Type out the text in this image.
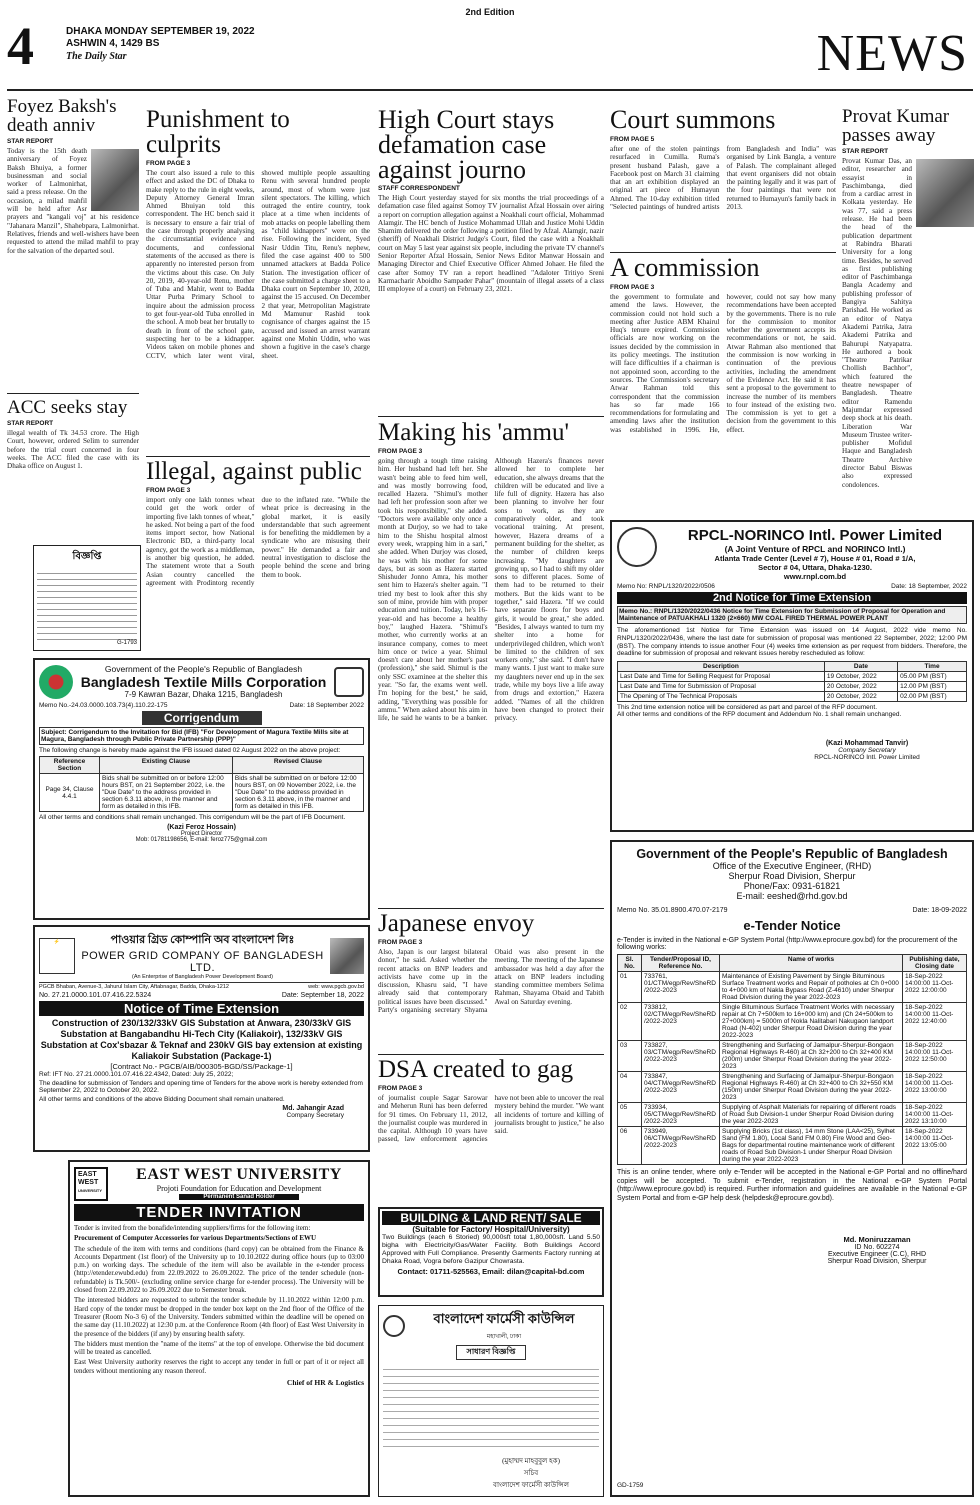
2nd Edition
4	DHAKA MONDAY SEPTEMBER 19, 2022
ASHWIN 4, 1429 BS
The Daily Star	NEWS
Foyez Baksh's death anniv
STAR REPORT
Today is the 15th death anniversary of Foyez Baksh Bhuiya, a former businessman and social worker of Lalmonirhat, said a press release. On the occasion, a milad mahfil will be held after Asr prayers and "kangali voj" at his residence "Jahanara Manzil", Shahebpara, Lalmonirhat. Relatives, friends and well-wishers have been requested to attend the milad mahfil to pray for the salvation of the departed soul.
ACC seeks stay
STAR REPORT
illegal wealth of Tk 34.53 crore. The High Court, however, ordered Selim to surrender before the trial court concerned in four weeks. The ACC filed the case with its Dhaka office on August 1.
বিজ্ঞপ্তি
G-1793
Punishment to culprits
FROM PAGE 3
The court also issued a rule to this effect and asked the DC of Dhaka to make reply to the rule in eight weeks, Deputy Attorney General Imran Ahmed Bhuiyan told this correspondent. The HC bench said it is necessary to ensure a fair trial of the case through properly analysing the circumstantial evidence and documents, and confessional statements of the accused as there is apparently no interested person from the victims about this case. On July 20, 2019, 40-year-old Renu, mother of Tuba and Mahir, went to Badda Uttar Purba Primary School to inquire about the admission process to get four-year-old Tuba enrolled in the school. A mob beat her brutally to death in front of the school gate, suspecting her to be a kidnapper. Videos taken on mobile phones and CCTV, which later went viral, showed multiple people assaulting Renu with several hundred people around, most of whom were just silent spectators. The killing, which outraged the entire country, took place at a time when incidents of mob attacks on people labelling them as "child kidnappers" were on the rise. Following the incident, Syed Nasir Uddin Titu, Renu's nephew, filed the case against 400 to 500 unnamed attackers at Badda Police Station. The investigation officer of the case submitted a charge sheet to a Dhaka court on September 10, 2020, against the 15 accused. On December 2 that year, Metropolitan Magistrate Md Mamunur Rashid took cognisance of charges against the 15 accused and issued an arrest warrant against one Mohin Uddin, who was shown a fugitive in the case's charge sheet.
Illegal, against public
FROM PAGE 3
import only one lakh tonnes wheat could get the work order of importing five lakh tonnes of wheat," he asked. Not being a part of the food items import sector, how National Electronic BD, a third-party local agency, got the work as a middleman, is another big question, he added. The statement wrote that a South Asian country cancelled the agreement with Prodintorg recently due to the inflated rate. "While the wheat price is decreasing in the global market, it is easily understandable that such agreement is for benefiting the middlemen by a syndicate who are misusing their power." He demanded a fair and neutral investigation to disclose the people behind the scene and bring them to book.
High Court stays defamation case against journo
STAFF CORRESPONDENT
The High Court yesterday stayed for six months the trial proceedings of a defamation case filed against Somoy TV journalist Afzal Hossain over airing a report on corruption allegation against a Noakhali court official, Mohammad Alamgir. The HC bench of Justice Mohammad Ullah and Justice Mohi Uddin Shamim delivered the order following a petition filed by Afzal. Alamgir, nazir (sheriff) of Noakhali District Judge's Court, filed the case with a Noakhali court on May 5 last year against six people, including the private TV channel's Senior Reporter Afzal Hossain, Senior News Editor Manwar Hossain and Managing Director and Chief Executive Officer Ahmed Johaer. He filed the case after Somoy TV ran a report headlined "Adaloter Tritiyo Sreni Karmacharir Aboidho Sampader Pahar" (mountain of illegal assets of a class III employee of a court) on February 23, 2021.
Making his 'ammu'
FROM PAGE 3
going through a tough time raising him. Her husband had left her. She wasn't being able to feed him well, and was mostly borrowing food, recalled Hazera. "Shimul's mother had left her profession soon after we took his responsibility," she added. "Doctors were available only once a month at Durjoy, so we had to take him to the Shishu hospital almost every week, wrapping him in a sari," she added. When Durjoy was closed, he was with his mother for some days, but as soon as Hazera started Shishuder Jonno Amra, his mother sent him to Hazera's shelter again. "I tried my best to look after this shy son of mine, provide him with proper education and tuition. Today, he's 16-year-old and has become a healthy boy," laughed Hazera. "Shimul's mother, who currently works at an insurance company, comes to meet him once or twice a year. Shimul doesn't care about her mother's past (profession)," she said. Shimul is the only SSC examinee at the shelter this year. "So far, the exams went well. I'm hoping for the best," he said, adding, "Everything was possible for ammu." When asked about his aim in life, he said he wants to be a banker. Although Hazera's finances never allowed her to complete her education, she always dreams that the children will be educated and live a life full of dignity. Hazera has also been planning to involve her four sons to work, as they are comparatively older, and took vocational training. At present, however, Hazera dreams of a permanent building for the shelter, as the number of children keeps increasing. "My daughters are growing up, so I had to shift my older sons to different places. Some of them had to be returned to their mothers. But the kids want to be together," said Hazera. "If we could have separate floors for boys and girls, it would be great," she added. "Besides, I always wanted to turn my shelter into a home for underprivileged children, which won't be limited to the children of sex workers only," she said. "I don't have many wants. I just want to make sure my daughters never end up in the sex trade, while my boys live a life away from drugs and extortion," Hazera added. "Names of all the children have been changed to protect their privacy.
Japanese envoy
FROM PAGE 3
Also, Japan is our largest bilateral donor," he said. Asked whether the recent attacks on BNP leaders and activists have come up in the discussion, Khasru said, "I have already said that contemporary political issues have been discussed." Party's organising secretary Shyama Obaid was also present in the meeting. The meeting of the Japanese ambassador was held a day after the attack on BNP leaders including standing committee members Selima Rahman, Shayama Obaid and Tabith Awal on Saturday evening.
DSA created to gag
FROM PAGE 3
of journalist couple Sagar Sarowar and Meherun Runi has been deferred for 91 times. On February 11, 2012, the journalist couple was murdered in the capital. Although 10 years have passed, law enforcement agencies have not been able to uncover the real mystery behind the murder. "We want all incidents of torture and killing of journalists brought to justice," he also said.
Court summons
FROM PAGE 5
after one of the stolen paintings resurfaced in Cumilla. Ruma's present husband Palash, gave a Facebook post on March 31 claiming that an art exhibition displayed an original art piece of Humayun Ahmed. The 10-day exhibition titled "Selected paintings of hundred artists from Bangladesh and India" was organised by Link Bangla, a venture of Palash. The complainant alleged that event organisers did not obtain the painting legally and it was part of the four paintings that were not returned to Humayun's family back in 2013.
A commission
FROM PAGE 3
the government to formulate and amend the laws. However, the commission could not hold such a meeting after Justice ABM Khairul Huq's tenure expired. Commission officials are now working on the issues decided by the commission in its policy meetings. The institution will face difficulties if a chairman is not appointed soon, according to the sources. The Commission's secretary Atwar Rahman told this correspondent that the commission has so far made 166 recommendations for formulating and amending laws after the institution was established in 1996. He, however, could not say how many recommendations have been accepted by the governments. There is no rule for the commission to monitor whether the government accepts its recommendations or not, he said. Atwar Rahman also mentioned that the commission is now working in continuation of the previous activities, including the amendment of the Evidence Act. He said it has sent a proposal to the government to increase the number of its members to four instead of the existing two. The commission is yet to get a decision from the government to this effect.
Provat Kumar passes away
STAR REPORT
Provat Kumar Das, an editor, researcher and essayist in Paschimbanga, died from a cardiac arrest in Kolkata yesterday. He was 77, said a press release. He had been the head of the publication department at Rabindra Bharati University for a long time. Besides, he served as first publishing editor of Paschimbanga Bangla Academy and publishing professor of Bangiya Sahitya Parishad. He worked as an editor of Natya Akademi Patrika, Jatra Akademi Patrika and Bahurupi Natyapatra. He authored a book "Theatre Patrikar Chollish Bachhor", which featured the theatre newspaper of Bangladesh. Theatre editor Ramendu Majumdar expressed deep shock at his death. Liberation War Museum Trustee writer-publisher Mofidul Haque and Bangladesh Theatre Archive director Babul Biswas also expressed condolences.
Government of the People's Republic of Bangladesh
Bangladesh Textile Mills Corporation
7-9 Kawran Bazar, Dhaka 1215, Bangladesh
Memo No.-24.03.0000.103.73(4).110.22-175	Date: 18 September 2022
Corrigendum
Subject: Corrigendum to the Invitation for Bid (IFB) "For Development of Magura Textile Mills site at Magura, Bangladesh through Public Private Partnership (PPP)"
The following change is hereby made against the IFB issued dated 02 August 2022 on the above project:
Reference Section	Existing Clause	Revised Clause
Page 34, Clause 4.4.1	Bids shall be submitted on or before 12:00 hours BST, on 21 September 2022, i.e. the "Due Date" to the address provided in section 6.3.11 above, in the manner and form as detailed in this IFB.	Bids shall be submitted on or before 12:00 hours BST, on 09 November 2022, i.e. the "Due Date" to the address provided in section 6.3.11 above, in the manner and form as detailed in this IFB.
All other terms and conditions shall remain unchanged. This corrigendum will be the part of IFB Document.
(Kazi Feroz Hossain)
Project Director
Mob: 01781198656, E-mail: feroz775@gmail.com
⚡	পাওয়ার গ্রিড কোম্পানি অব বাংলাদেশ লিঃ
POWER GRID COMPANY OF BANGLADESH LTD.
(An Enterprise of Bangladesh Power Development Board)
PGCB Bhaban, Avenue-3, Jahurul Islam City, Aftabnagar, Badda, Dhaka-1212	web: www.pgcb.gov.bd
No. 27.21.0000.101.07.416.22.5324	Date: September 18, 2022
Notice of Time Extension
Construction of 230/132/33kV GIS Substation at Anwara, 230/33kV GIS Substation at Bangabandhu Hi-Tech City (Kaliakoir), 132/33kV GIS Substation at Cox'sbazar & Teknaf and 230kV GIS bay extension at existing Kaliakoir Substation (Package-1)
[Contract No.- PGCB/AIB/000305-BGD/SS/Package-1]
Ref: IFT No. 27.21.0000.101.07.416.22.4342, Dated: July 25, 2022;
The deadline for submission of Tenders and opening time of Tenders for the above work is hereby extended from September 22, 2022 to October 20, 2022.
All other terms and conditions of the above Bidding Document shall remain unaltered.
Md. Jahangir Azad
Company Secretary
EAST WEST
UNIVERSITY
EAST WEST UNIVERSITY
Projoti Foundation for Education and Development
Permanent Sanad Holder
TENDER INVITATION
Tender is invited from the bonafide/intending suppliers/firms for the following item:
Procurement of Computer Accessories for various Departments/Sections of EWU
The schedule of the item with terms and conditions (hard copy) can be obtained from the Finance & Accounts Department (1st floor) of the University up to 10.10.2022 during office hours (up to 03:00 p.m.) on working days. The schedule of the item will also be available in the e-tender process (http://etender.ewubd.edu) from 22.09.2022 to 26.09.2022. The price of the tender schedule (non-refundable) is Tk.500/- (excluding online service charge for e-tender process). The University will be closed from 22.09.2022 to 26.09.2022 due to Semester break.
The interested bidders are requested to submit the tender schedule by 11.10.2022 within 12:00 p.m. Hard copy of the tender must be dropped in the tender box kept on the 2nd floor of the Office of the Treasurer (Room No-3 6) of the University. Tenders submitted within the deadline will be opened on the same day (11.10.2022) at 12:30 p.m. at the Conference Room (4th floor) of East West University in the presence of the bidders (if any) by ensuring health safety.
The bidders must mention the "name of the items" at the top of envelope. Otherwise the bid document will be treated as cancelled.
East West University authority reserves the right to accept any tender in full or part of it or reject all tenders without mentioning any reason thereof.
Chief of HR & Logistics
BUILDING & LAND RENT/ SALE
(Suitable for Factory/ Hospital/University)
Two Buildings (each 6 Storied) 90,000sft total 1,80,000sft. Land 5.50 bigha with Electricity/Gas/Water Facility. Both Buildings Accord Approved with Full Compliance. Presently Garments Factory running at Dhaka Road, Vogra before Gazipur Chowrasta.
Contact: 01711-525563, Email: dilan@capital-bd.com
বাংলাদেশ ফার্মেসী কাউন্সিল
মহাখালী, ঢাকা
সাধারণ বিজ্ঞপ্তি
(মুহাম্মদ মাহবুবুল হক)
সচিব
বাংলাদেশ ফার্মেসী কাউন্সিল
RPCL-NORINCO Intl. Power Limited
(A Joint Venture of RPCL and NORINCO Intl.)
Atlanta Trade Center (Level # 7), House # 01, Road # 1/A,
Sector # 04, Uttara, Dhaka-1230.
www.rnpl.com.bd
Memo No: RNPL/1320/2022/0506	Date: 18 September, 2022
2nd Notice for Time Extension
Memo No.: RNPL/1320/2022/0436 Notice for Time Extension for Submission of Proposal for Operation and Maintenance of PATUAKHALI 1320 (2×660) MW COAL FIRED THERMAL POWER PLANT
The aforementioned 1st Notice for Time Extension was issued on 14 August, 2022 vide memo No. RNPL/1320/2022/0436, where the last date for submission of proposal was mentioned 22 September, 2022; 12:00 PM (BST). The company intends to issue another Four (4) weeks time extension as per request from bidders. Therefore, the deadline for submission of proposal and relevant issues hereby rescheduled as follow:
Description	Date	Time
Last Date and Time for Selling Request for Proposal	19 October, 2022	05.00 PM (BST)
Last Date and Time for Submission of Proposal	20 October, 2022	12.00 PM (BST)
The Opening of The Technical Proposals	20 October, 2022	02.00 PM (BST)
This 2nd time extension notice will be considered as part and parcel of the RFP document.
All other terms and conditions of the RFP document and Addendum No. 1 shall remain unchanged.
(Kazi Mohammad Tanvir)
Company Secretary
RPCL-NORINCO Intl. Power Limited
Government of the People's Republic of Bangladesh
Office of the Executive Engineer, (RHD)
Sherpur Road Division, Sherpur
Phone/Fax: 0931-61821
E-mail: eeshed@rhd.gov.bd
Memo No. 35.01.8900.470.07-2179	Date: 18-09-2022
e-Tender Notice
e-Tender is invited in the National e-GP System Portal (http://www.eprocure.gov.bd) for the procurement of the following works:
Sl. No.	Tender/Proposal ID, Reference No.	Name of works	Publishing date, Closing date
01	733761, 01/CTM/egp/Rev/SheRD /2022-2023	Maintenance of Existing Pavement by Single Bituminous Surface Treatment works and Repair of potholes at Ch 0+000 to 4+000 km of Nakla Bypass Road (Z-4610) under Sherpur Road Division during the year 2022-2023	18-Sep-2022 14:00:00 11-Oct-2022 12:00:00
02	733812, 02/CTM/egp/Rev/SheRD /2022-2023	Single Bituminous Surface Treatment Works with necessary repair at Ch 7+500km to 16+000 km) and (Ch 24+500km to 27+000km) = 5000m of Nokla Nalitabari Nakugaon landport Road (N-402) under Sherpur Road Division during the year 2022-2023	18-Sep-2022 14:00:00 11-Oct-2022 12:40:00
03	733827, 03/CTM/egp/Rev/SheRD /2022-2023	Strengthening and Surfacing of Jamalpur-Sherpur-Bongaon Regional Highways R-460) at Ch 32+200 to Ch 32+400 KM (200m) under Sherpur Road Division during the year 2022-2023	18-Sep-2022 14:00:00 11-Oct-2022 12:50:00
04	733847, 04/CTM/egp/Rev/SheRD /2022-2023	Strengthening and Surfacing of Jamalpur-Sherpur-Bongaon Regional Highways R-460) at Ch 32+400 to Ch 32+550 KM (150m) under Sherpur Road Division during the year 2022-2023	18-Sep-2022 14:00:00 11-Oct-2022 13:00:00
05	733934, 05/CTM/egp/Rev/SheRD /2022-2023	Supplying of Asphalt Materials for repairing of different roads of Road Sub Division-1 under Sherpur Road Division during the year 2022-2023	18-Sep-2022 14:00:00 11-Oct-2022 13:10:00
06	733949, 06/CTM/egp/Rev/SheRD /2022-2023	Supplying Bricks (1st class), 14 mm Stone (LAA<25), Sylhet Sand (FM 1.80), Local Sand FM 0.80) Fire Wood and Geo-Bags for departmental routine maintenance work of different roads of Road Sub Division-1 under Sherpur Road Division during the year 2022-2023	18-Sep-2022 14:00:00 11-Oct-2022 13:05:00
This is an online tender, where only e-Tender will be accepted in the National e-GP Portal and no offline/hard copies will be accepted. To submit e-Tender, registration in the National e-GP System Portal (http://www.eprocure.gov.bd) is required. Further information and guidelines are available in the National e-GP System Portal and from e-GP help desk (helpdesk@eprocure.gov.bd).
Md. Moniruzzaman
ID No. 602274
Executive Engineer (C.C), RHD
Sherpur Road Division, Sherpur
GD-1759
